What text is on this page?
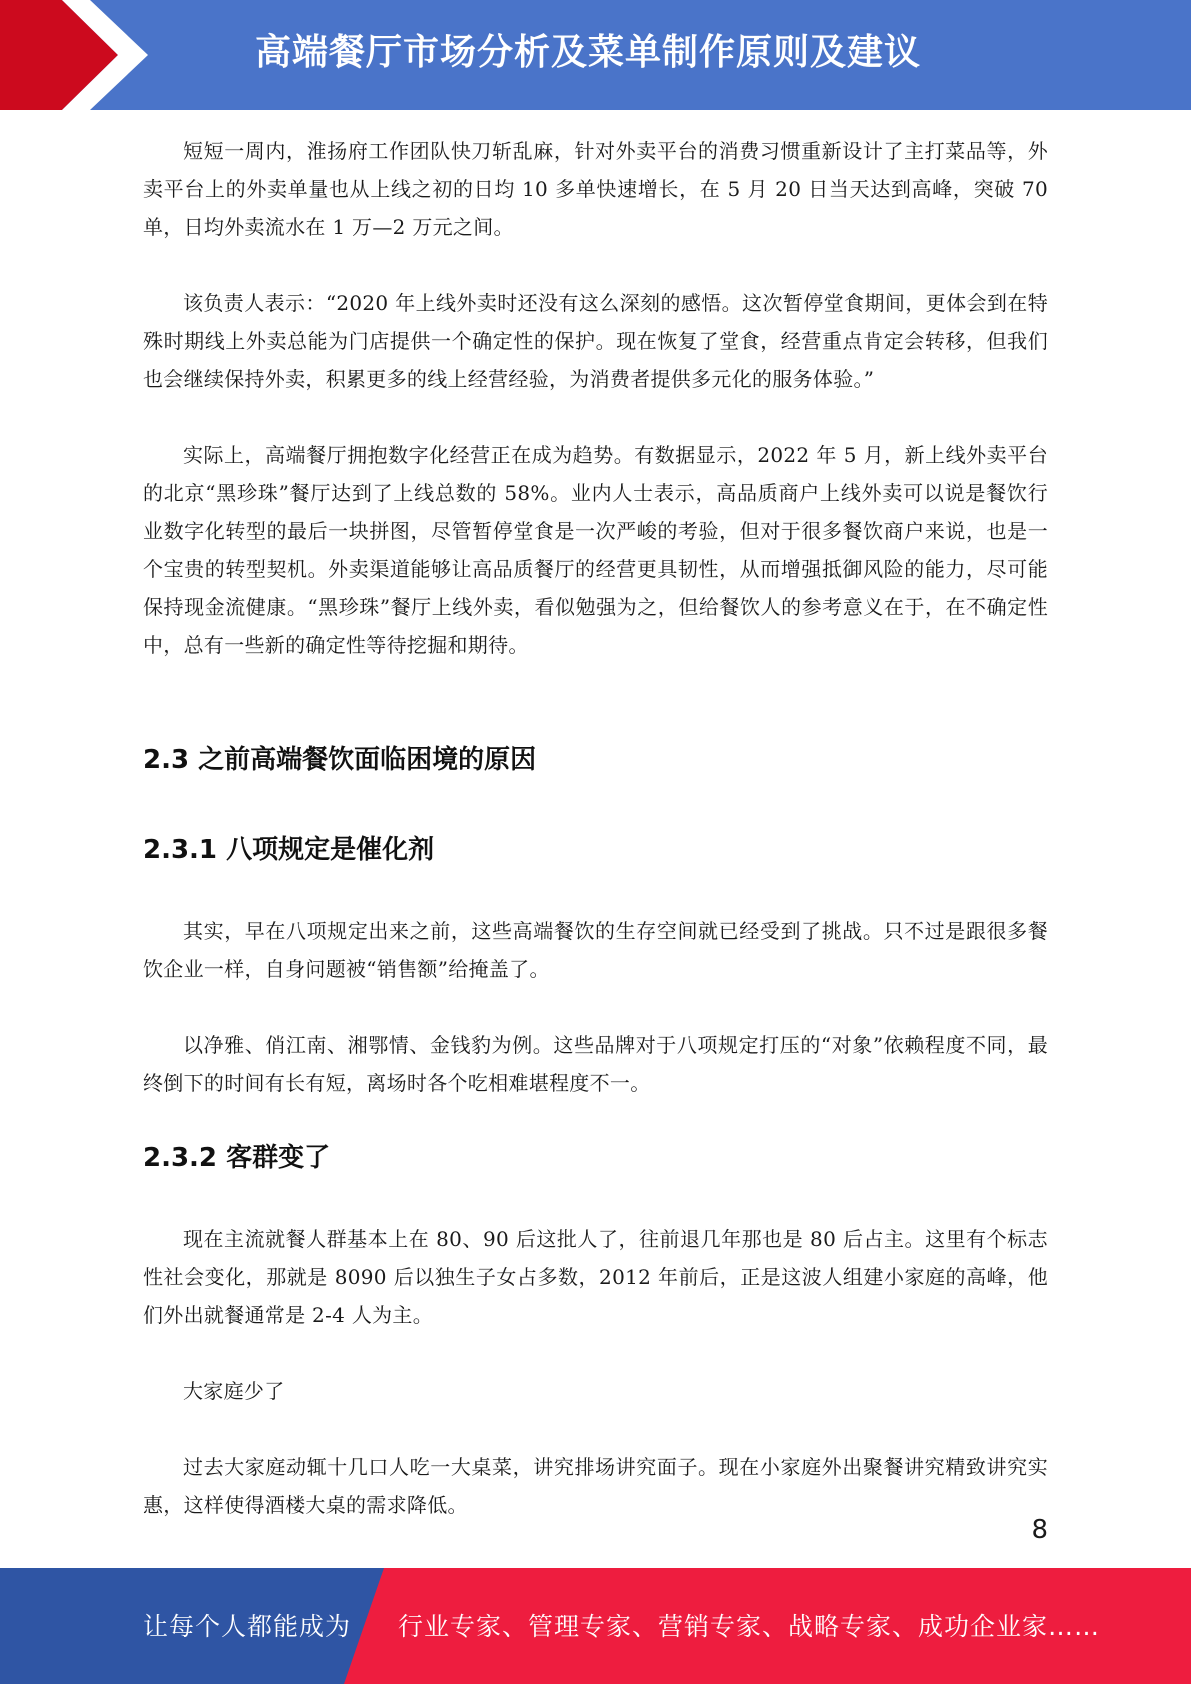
高端餐厅市场分析及菜单制作原则及建议

短短一周内，淮扬府工作团队快刀斩乱麻，针对外卖平台的消费习惯重新设计了主打菜品等，外卖平台上的外卖单量也从上线之初的日均 10 多单快速增长，在 5 月 20 日当天达到高峰，突破 70 单，日均外卖流水在 1 万—2 万元之间。

该负责人表示：“2020 年上线外卖时还没有这么深刻的感悟。这次暂停堂食期间，更体会到在特殊时期线上外卖总能为门店提供一个确定性的保护。现在恢复了堂食，经营重点肯定会转移，但我们也会继续保持外卖，积累更多的线上经营经验，为消费者提供多元化的服务体验。”

实际上，高端餐厅拥抱数字化经营正在成为趋势。有数据显示，2022 年 5 月，新上线外卖平台的北京“黑珍珠”餐厅达到了上线总数的 58%。业内人士表示，高品质商户上线外卖可以说是餐饮行业数字化转型的最后一块拼图，尽管暂停堂食是一次严峻的考验，但对于很多餐饮商户来说，也是一个宝贵的转型契机。外卖渠道能够让高品质餐厅的经营更具韧性，从而增强抵御风险的能力，尽可能保持现金流健康。“黑珍珠”餐厅上线外卖，看似勉强为之，但给餐饮人的参考意义在于，在不确定性中，总有一些新的确定性等待挖掘和期待。

2.3 之前高端餐饮面临困境的原因
2.3.1 八项规定是催化剂

其实，早在八项规定出来之前，这些高端餐饮的生存空间就已经受到了挑战。只不过是跟很多餐饮企业一样，自身问题被“销售额”给掩盖了。

以净雅、俏江南、湘鄂情、金钱豹为例。这些品牌对于八项规定打压的“对象”依赖程度不同，最终倒下的时间有长有短，离场时各个吃相难堪程度不一。

2.3.2 客群变了

现在主流就餐人群基本上在 80、90 后这批人了，往前退几年那也是 80 后占主。这里有个标志性社会变化，那就是 8090 后以独生子女占多数，2012 年前后，正是这波人组建小家庭的高峰，他们外出就餐通常是 2-4 人为主。

大家庭少了

过去大家庭动辄十几口人吃一大桌菜，讲究排场讲究面子。现在小家庭外出聚餐讲究精致讲究实惠，这样使得酒楼大桌的需求降低。

8
让每个人都能成为 行业专家、管理专家、营销专家、战略专家、成功企业家……
